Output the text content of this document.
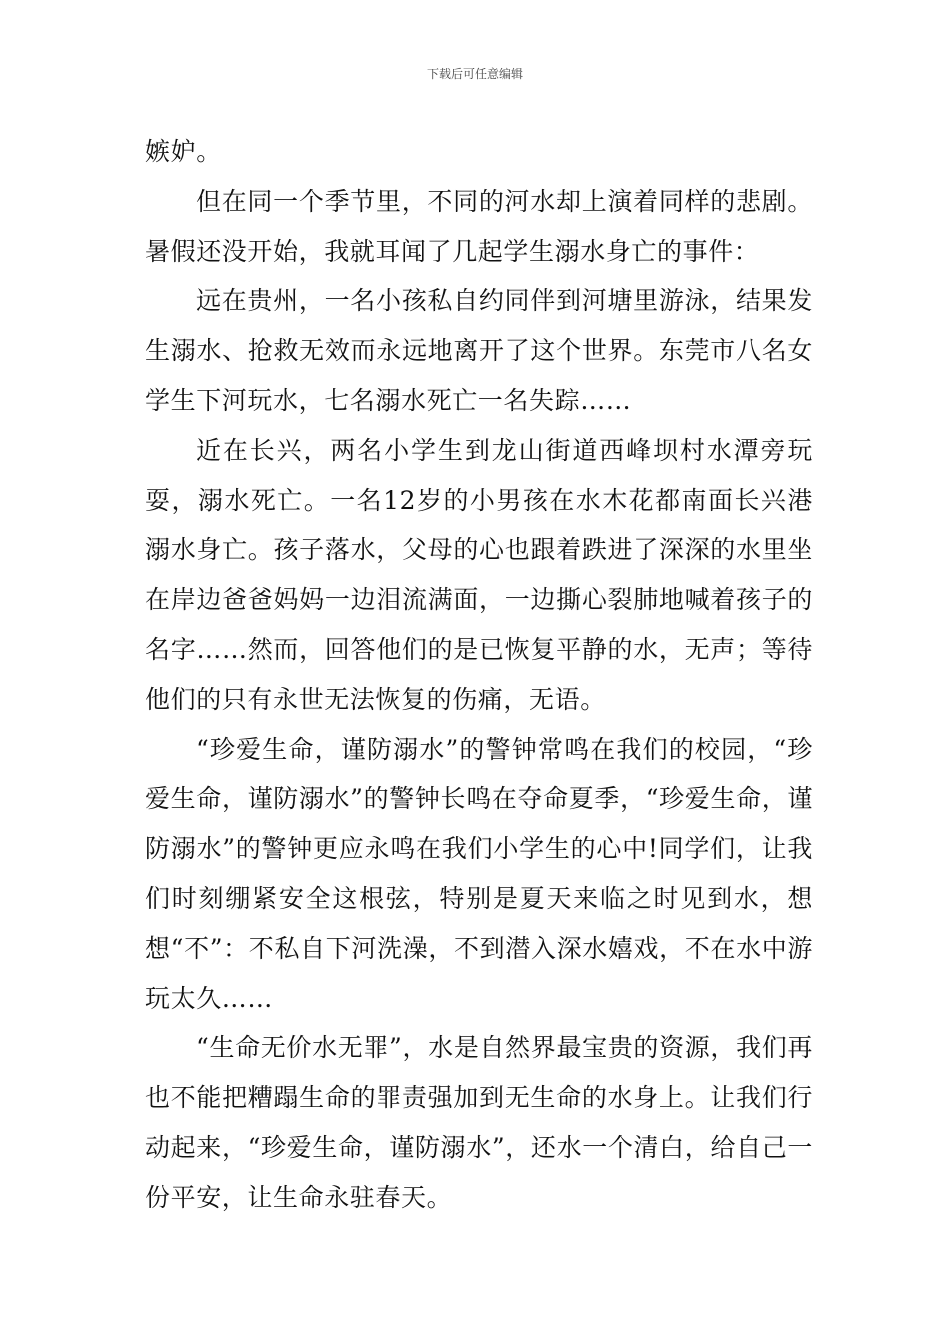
下载后可任意编辑

嫉妒。

但在同一个季节里，不同的河水却上演着同样的悲剧。暑假还没开始，我就耳闻了几起学生溺水身亡的事件：

远在贵州，一名小孩私自约同伴到河塘里游泳，结果发生溺水、抢救无效而永远地离开了这个世界。东莞市八名女学生下河玩水，七名溺水死亡一名失踪……

近在长兴，两名小学生到龙山街道西峰坝村水潭旁玩耍，溺水死亡。一名12岁的小男孩在水木花都南面长兴港溺水身亡。孩子落水，父母的心也跟着跌进了深深的水里坐在岸边爸爸妈妈一边泪流满面，一边撕心裂肺地喊着孩子的名字……然而，回答他们的是已恢复平静的水，无声；等待他们的只有永世无法恢复的伤痛，无语。

“珍爱生命，谨防溺水”的警钟常鸣在我们的校园，“珍爱生命，谨防溺水”的警钟长鸣在夺命夏季，“珍爱生命，谨防溺水”的警钟更应永鸣在我们小学生的心中!同学们，让我们时刻绷紧安全这根弦，特别是夏天来临之时见到水，想想“不”：不私自下河洗澡，不到潜入深水嬉戏，不在水中游玩太久……

“生命无价水无罪”，水是自然界最宝贵的资源，我们再也不能把糟蹋生命的罪责强加到无生命的水身上。让我们行动起来，“珍爱生命，谨防溺水”，还水一个清白，给自己一份平安，让生命永驻春天。
